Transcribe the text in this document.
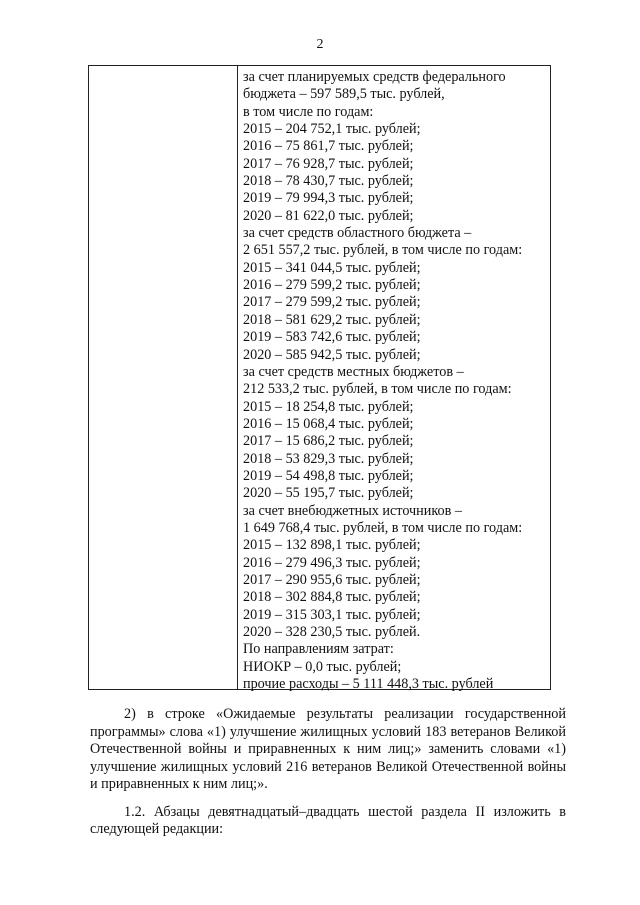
2
за счет планируемых средств федерального
бюджета – 597 589,5 тыс. рублей,
в том числе по годам:
2015 – 204 752,1 тыс. рублей;
2016 – 75 861,7 тыс. рублей;
2017 – 76 928,7 тыс. рублей;
2018 – 78 430,7 тыс. рублей;
2019 – 79 994,3 тыс. рублей;
2020 – 81 622,0 тыс. рублей;
за счет средств областного бюджета –
2 651 557,2 тыс. рублей, в том числе по годам:
2015 – 341 044,5 тыс. рублей;
2016 – 279 599,2 тыс. рублей;
2017 – 279 599,2 тыс. рублей;
2018 – 581 629,2 тыс. рублей;
2019 – 583 742,6 тыс. рублей;
2020 – 585 942,5 тыс. рублей;
за счет средств местных бюджетов –
212 533,2 тыс. рублей, в том числе по годам:
2015 – 18 254,8 тыс. рублей;
2016 – 15 068,4 тыс. рублей;
2017 – 15 686,2 тыс. рублей;
2018 – 53 829,3 тыс. рублей;
2019 – 54 498,8 тыс. рублей;
2020 – 55 195,7 тыс. рублей;
за счет внебюджетных источников –
1 649 768,4 тыс. рублей, в том числе по годам:
2015 – 132 898,1 тыс. рублей;
2016 – 279 496,3 тыс. рублей;
2017 – 290 955,6 тыс. рублей;
2018 – 302 884,8 тыс. рублей;
2019 – 315 303,1 тыс. рублей;
2020 – 328 230,5 тыс. рублей.
По направлениям затрат:
НИОКР – 0,0 тыс. рублей;
прочие расходы – 5 111 448,3 тыс. рублей

2) в строке «Ожидаемые результаты реализации государственной программы» слова «1) улучшение жилищных условий 183 ветеранов Великой Отечественной войны и приравненных к ним лиц;» заменить словами «1) улучшение жилищных условий 216 ветеранов Великой Отечественной войны и приравненных к ним лиц;».

1.2. Абзацы девятнадцатый–двадцать шестой раздела II изложить в следующей редакции:
